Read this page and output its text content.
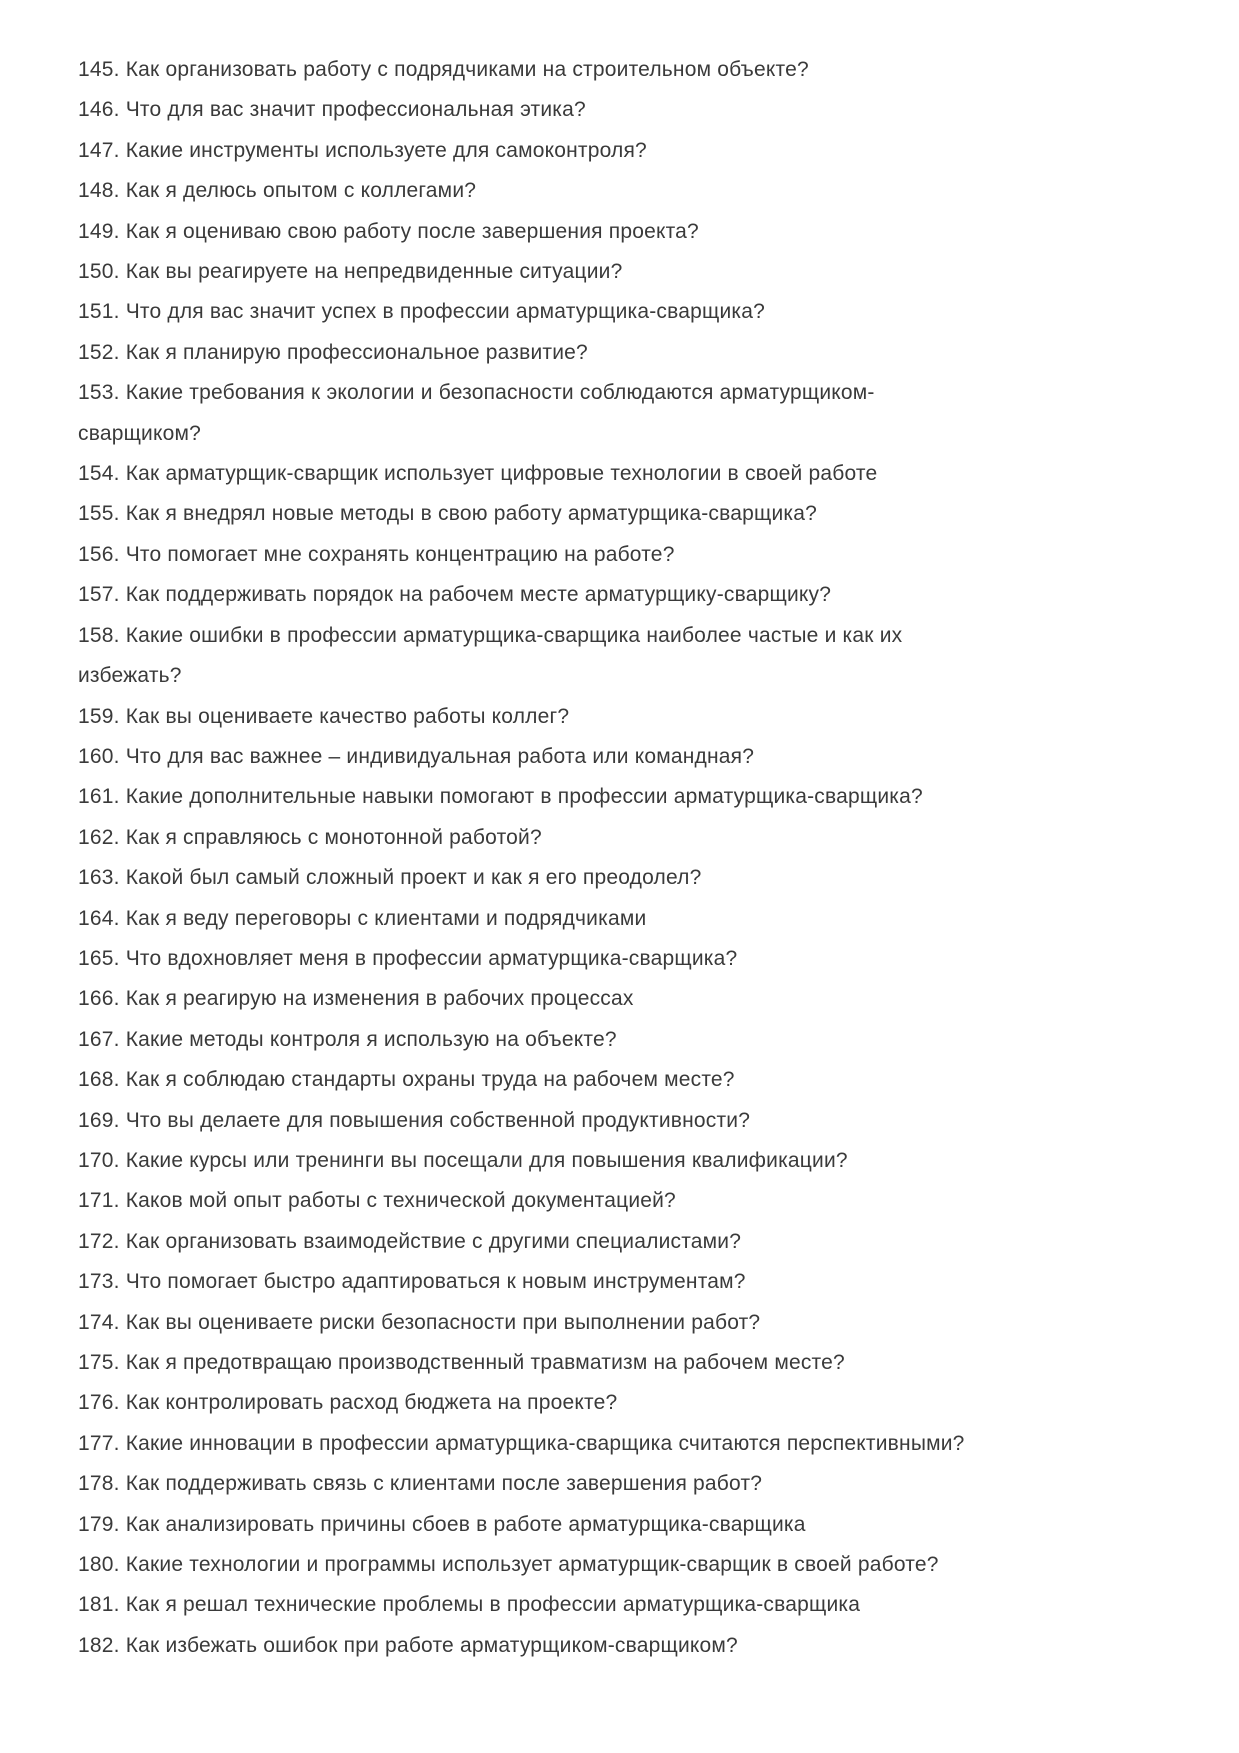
145. Как организовать работу с подрядчиками на строительном объекте?
146. Что для вас значит профессиональная этика?
147. Какие инструменты используете для самоконтроля?
148. Как я делюсь опытом с коллегами?
149. Как я оцениваю свою работу после завершения проекта?
150. Как вы реагируете на непредвиденные ситуации?
151. Что для вас значит успех в профессии арматурщика-сварщика?
152. Как я планирую профессиональное развитие?
153. Какие требования к экологии и безопасности соблюдаются арматурщиком-
сварщиком?
154. Как арматурщик-сварщик использует цифровые технологии в своей работе
155. Как я внедрял новые методы в свою работу арматурщика-сварщика?
156. Что помогает мне сохранять концентрацию на работе?
157. Как поддерживать порядок на рабочем месте арматурщику-сварщику?
158. Какие ошибки в профессии арматурщика-сварщика наиболее частые и как их
избежать?
159. Как вы оцениваете качество работы коллег?
160. Что для вас важнее – индивидуальная работа или командная?
161. Какие дополнительные навыки помогают в профессии арматурщика-сварщика?
162. Как я справляюсь с монотонной работой?
163. Какой был самый сложный проект и как я его преодолел?
164. Как я веду переговоры с клиентами и подрядчиками
165. Что вдохновляет меня в профессии арматурщика-сварщика?
166. Как я реагирую на изменения в рабочих процессах
167. Какие методы контроля я использую на объекте?
168. Как я соблюдаю стандарты охраны труда на рабочем месте?
169. Что вы делаете для повышения собственной продуктивности?
170. Какие курсы или тренинги вы посещали для повышения квалификации?
171. Каков мой опыт работы с технической документацией?
172. Как организовать взаимодействие с другими специалистами?
173. Что помогает быстро адаптироваться к новым инструментам?
174. Как вы оцениваете риски безопасности при выполнении работ?
175. Как я предотвращаю производственный травматизм на рабочем месте?
176. Как контролировать расход бюджета на проекте?
177. Какие инновации в профессии арматурщика-сварщика считаются перспективными?
178. Как поддерживать связь с клиентами после завершения работ?
179. Как анализировать причины сбоев в работе арматурщика-сварщика
180. Какие технологии и программы использует арматурщик-сварщик в своей работе?
181. Как я решал технические проблемы в профессии арматурщика-сварщика
182. Как избежать ошибок при работе арматурщиком-сварщиком?
